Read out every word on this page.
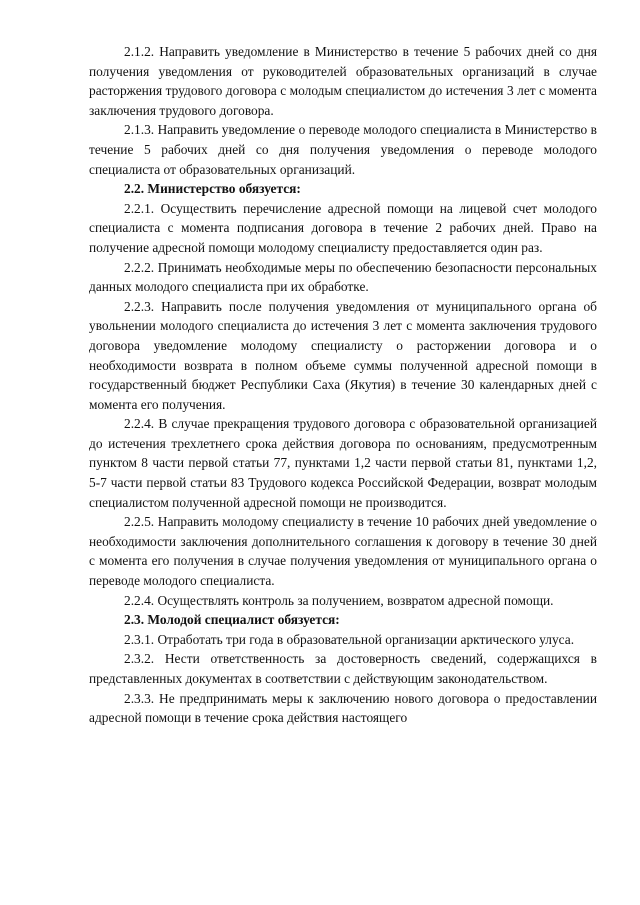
2.1.2. Направить уведомление в Министерство в течение 5 рабочих дней со дня получения уведомления от руководителей образовательных организаций в случае расторжения трудового договора с молодым специалистом до истечения 3 лет с момента заключения трудового договора.

2.1.3. Направить уведомление о переводе молодого специалиста в Министерство в течение 5 рабочих дней со дня получения уведомления о переводе молодого специалиста от образовательных организаций.

2.2. Министерство обязуется:

2.2.1. Осуществить перечисление адресной помощи на лицевой счет молодого специалиста с момента подписания договора в течение 2 рабочих дней. Право на получение адресной помощи молодому специалисту предоставляется один раз.

2.2.2. Принимать необходимые меры по обеспечению безопасности персональных данных молодого специалиста при их обработке.

2.2.3. Направить после получения уведомления от муниципального органа об увольнении молодого специалиста до истечения 3 лет с момента заключения трудового договора уведомление молодому специалисту о расторжении договора и о необходимости возврата в полном объеме суммы полученной адресной помощи в государственный бюджет Республики Саха (Якутия) в течение 30 календарных дней с момента его получения.

2.2.4. В случае прекращения трудового договора с образовательной организацией до истечения трехлетнего срока действия договора по основаниям, предусмотренным пунктом 8 части первой статьи 77, пунктами 1,2 части первой статьи 81, пунктами 1,2, 5-7 части первой статьи 83 Трудового кодекса Российской Федерации, возврат молодым специалистом полученной адресной помощи не производится.

2.2.5. Направить молодому специалисту в течение 10 рабочих дней уведомление о необходимости заключения дополнительного соглашения к договору в течение 30 дней с момента его получения в случае получения уведомления от муниципального органа о переводе молодого специалиста.

2.2.4. Осуществлять контроль за получением, возвратом адресной помощи.

2.3. Молодой специалист обязуется:

2.3.1. Отработать три года в образовательной организации арктического улуса.

2.3.2. Нести ответственность за достоверность сведений, содержащихся в представленных документах в соответствии с действующим законодательством.

2.3.3. Не предпринимать меры к заключению нового договора о предоставлении адресной помощи в течение срока действия настоящего
